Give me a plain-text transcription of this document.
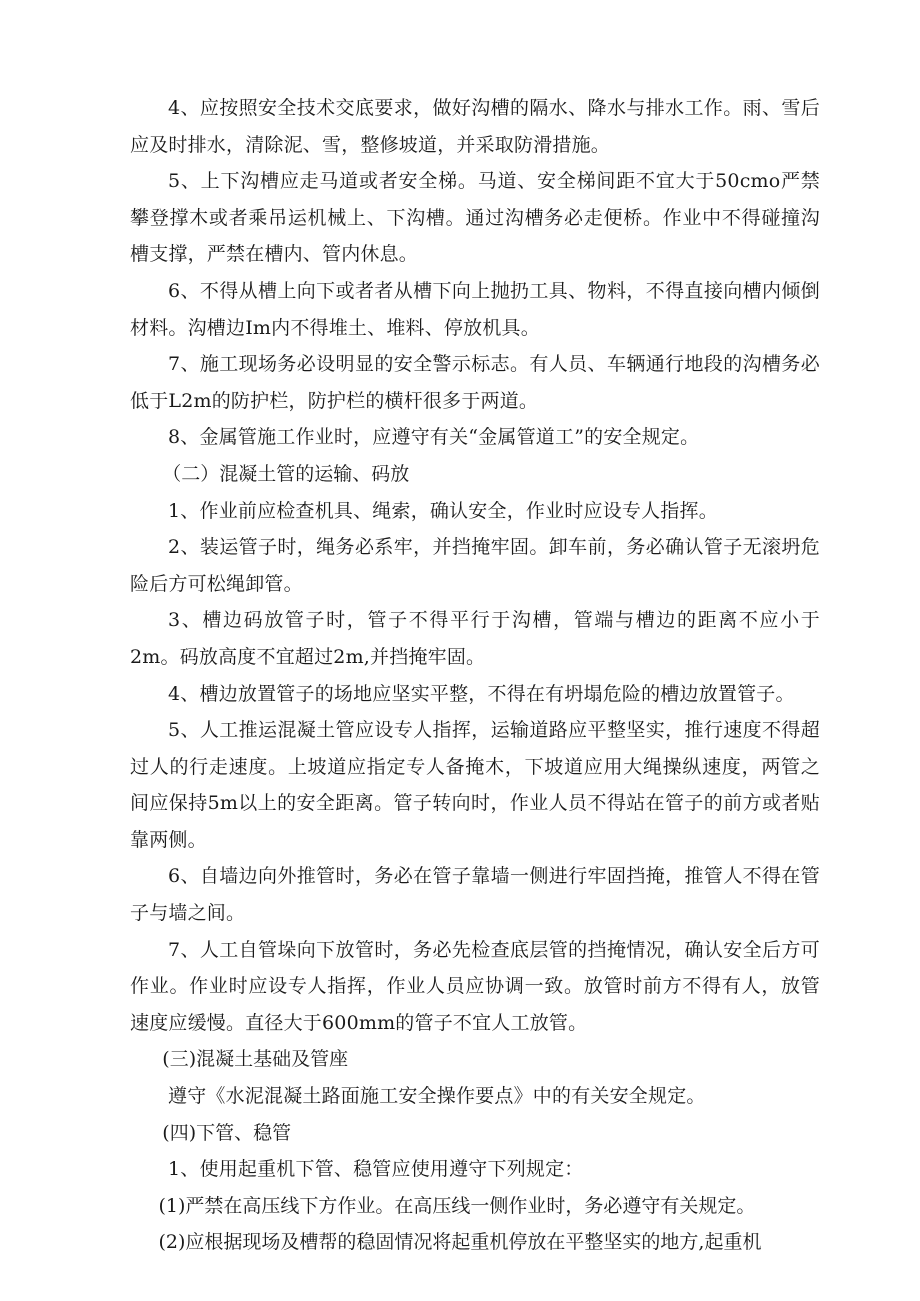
4、应按照安全技术交底要求，做好沟槽的隔水、降水与排水工作。雨、雪后应及时排水，清除泥、雪，整修坡道，并采取防滑措施。

5、上下沟槽应走马道或者安全梯。马道、安全梯间距不宜大于50cmo严禁攀登撑木或者乘吊运机械上、下沟槽。通过沟槽务必走便桥。作业中不得碰撞沟槽支撑，严禁在槽内、管内休息。

6、不得从槽上向下或者者从槽下向上抛扔工具、物料，不得直接向槽内倾倒材料。沟槽边Im内不得堆土、堆料、停放机具。

7、施工现场务必设明显的安全警示标志。有人员、车辆通行地段的沟槽务必低于L2m的防护栏，防护栏的横杆很多于两道。

8、金属管施工作业时，应遵守有关“金属管道工”的安全规定。

（二）混凝土管的运输、码放

1、作业前应检查机具、绳索，确认安全，作业时应设专人指挥。

2、装运管子时，绳务必系牢，并挡掩牢固。卸车前，务必确认管子无滚坍危险后方可松绳卸管。

3、槽边码放管子时，管子不得平行于沟槽，管端与槽边的距离不应小于2m。码放高度不宜超过2m,并挡掩牢固。

4、槽边放置管子的场地应坚实平整，不得在有坍塌危险的槽边放置管子。

5、人工推运混凝土管应设专人指挥，运输道路应平整坚实，推行速度不得超过人的行走速度。上坡道应指定专人备掩木，下坡道应用大绳操纵速度，两管之间应保持5m以上的安全距离。管子转向时，作业人员不得站在管子的前方或者贴靠两侧。

6、自墙边向外推管时，务必在管子靠墙一侧进行牢固挡掩，推管人不得在管子与墙之间。

7、人工自管垛向下放管时，务必先检查底层管的挡掩情况，确认安全后方可作业。作业时应设专人指挥，作业人员应协调一致。放管时前方不得有人，放管速度应缓慢。直径大于600mm的管子不宜人工放管。

(三)混凝土基础及管座

遵守《水泥混凝土路面施工安全操作要点》中的有关安全规定。

(四)下管、稳管

1、使用起重机下管、稳管应使用遵守下列规定：

(1)严禁在高压线下方作业。在高压线一侧作业时，务必遵守有关规定。

(2)应根据现场及槽帮的稳固情况将起重机停放在平整坚实的地方,起重机
